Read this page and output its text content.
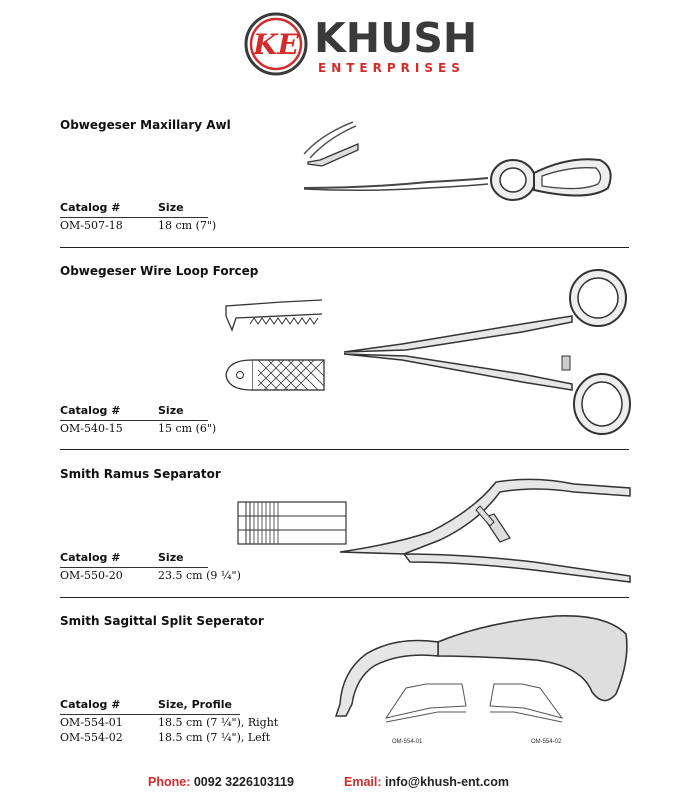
KE KHUSH
ENTERPRISES
Obwegeser Maxillary Awl
Catalog #	Size
OM-507-18	18 cm (7")
Obwegeser Wire Loop Forcep
Catalog #	Size
OM-540-15	15 cm (6")
Smith Ramus Separator
Catalog #	Size
OM-550-20	23.5 cm (9 ¼")
Smith Sagittal Split Seperator
OM-554-01	OM-554-02
Catalog #	Size, Profile
OM-554-01	18.5 cm (7 ¼"), Right
OM-554-02	18.5 cm (7 ¼"), Left
Phone: 0092 3226103119	Email: info@khush-ent.com
